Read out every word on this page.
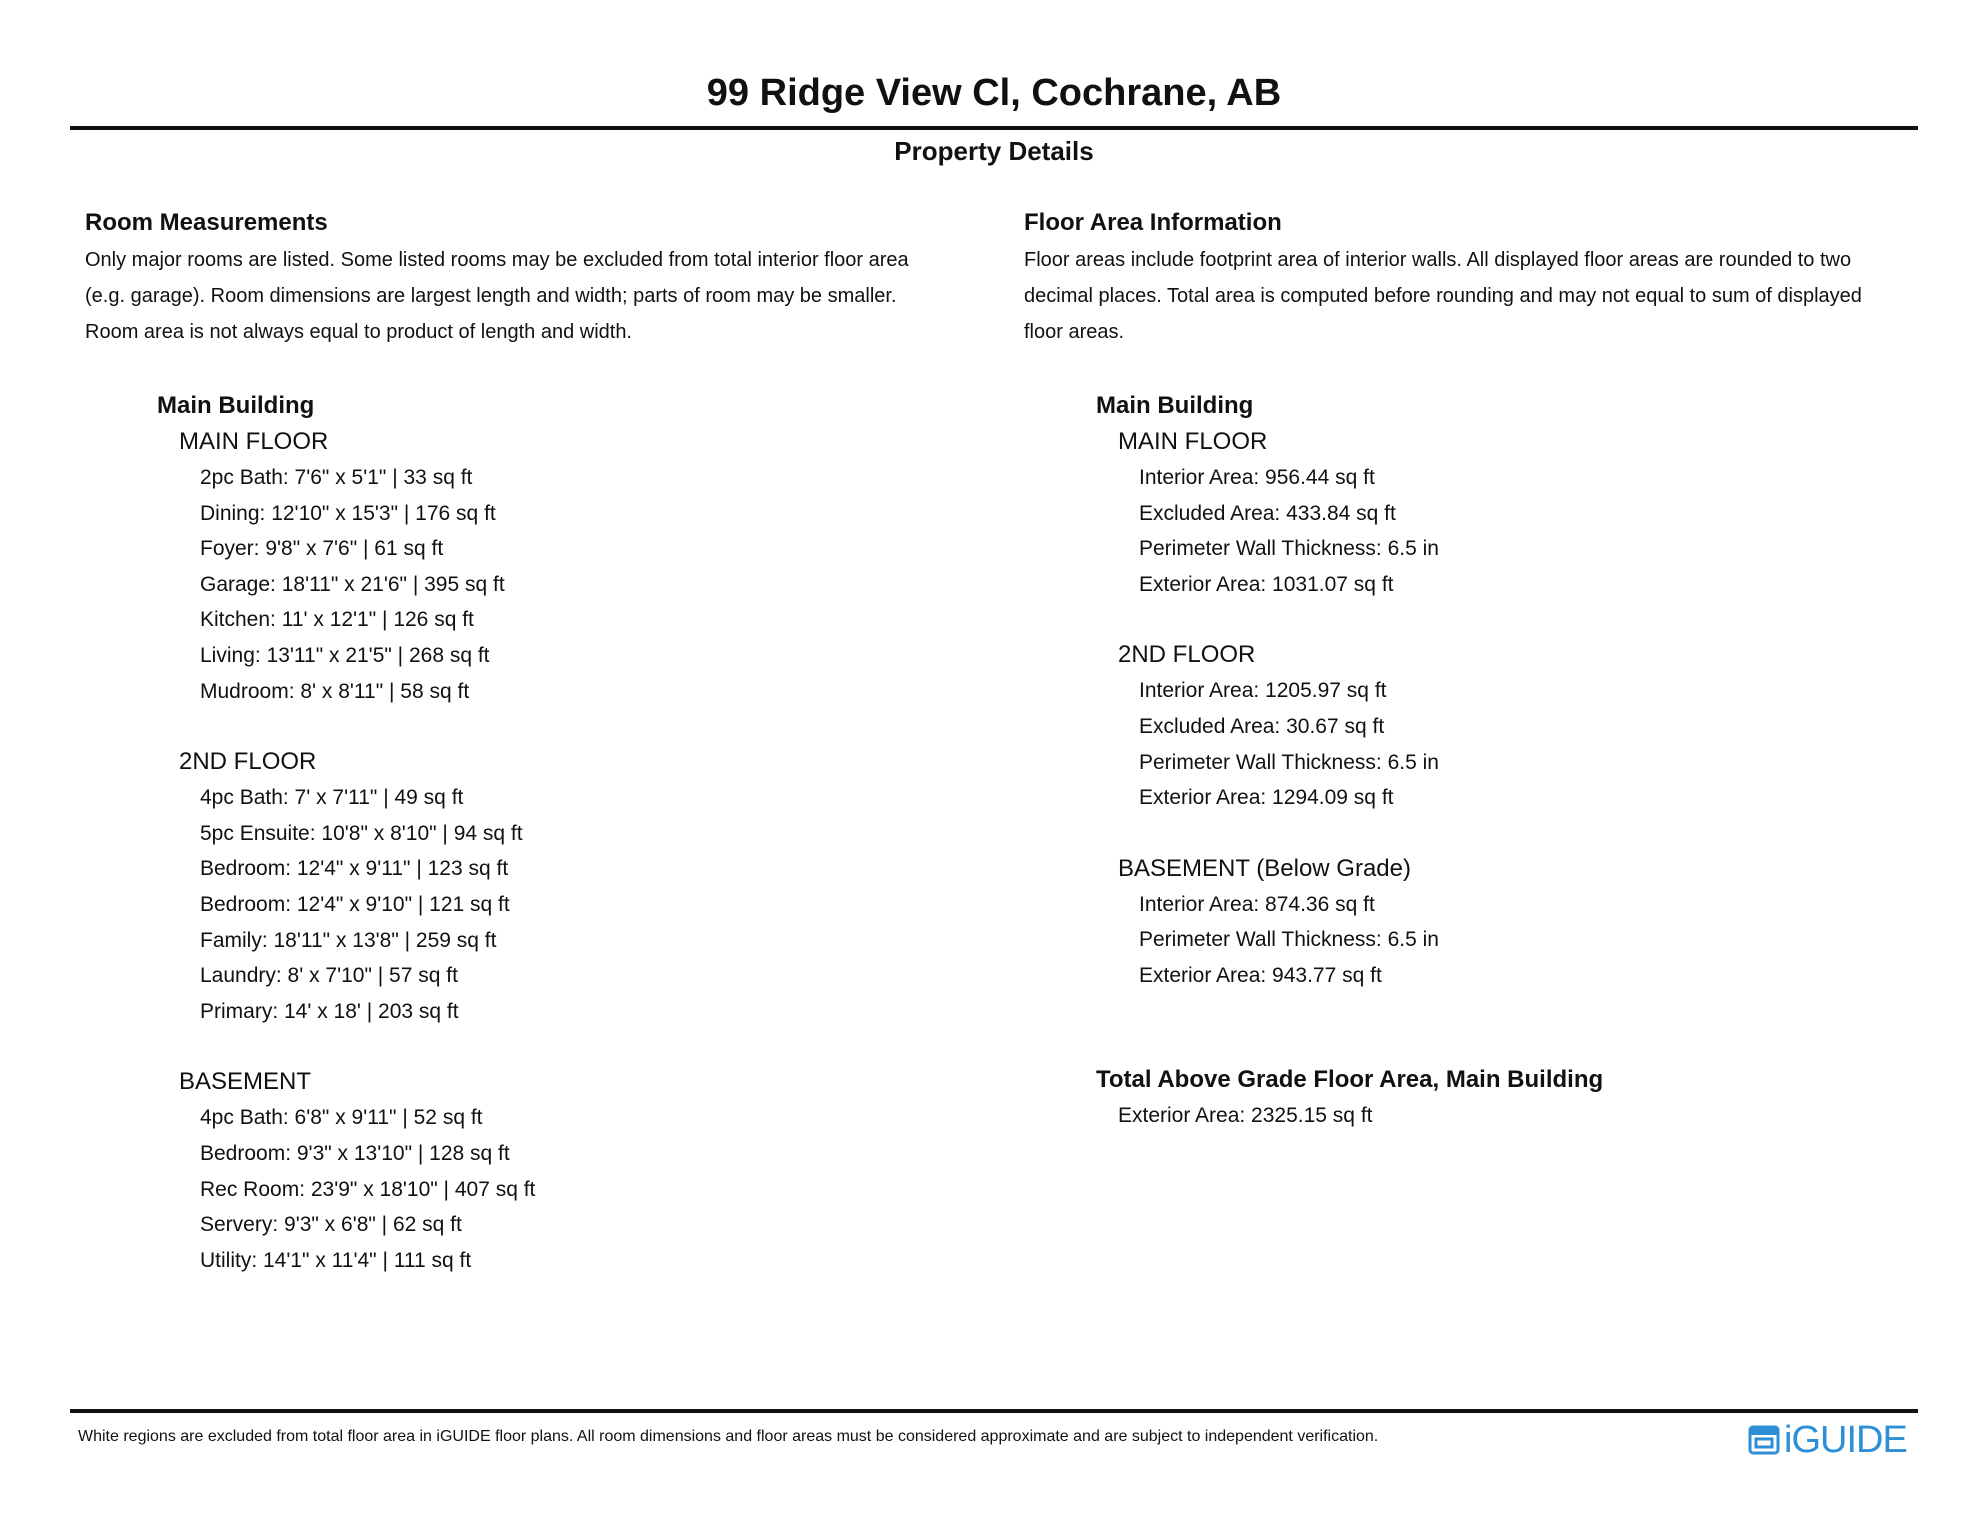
99 Ridge View Cl, Cochrane, AB
Property Details
Room Measurements
Only major rooms are listed. Some listed rooms may be excluded from total interior floor area
(e.g. garage). Room dimensions are largest length and width; parts of room may be smaller.
Room area is not always equal to product of length and width.
Main Building
MAIN FLOOR
2pc Bath: 7'6" x 5'1" | 33 sq ft
Dining: 12'10" x 15'3" | 176 sq ft
Foyer: 9'8" x 7'6" | 61 sq ft
Garage: 18'11" x 21'6" | 395 sq ft
Kitchen: 11' x 12'1" | 126 sq ft
Living: 13'11" x 21'5" | 268 sq ft
Mudroom: 8' x 8'11" | 58 sq ft
2ND FLOOR
4pc Bath: 7' x 7'11" | 49 sq ft
5pc Ensuite: 10'8" x 8'10" | 94 sq ft
Bedroom: 12'4" x 9'11" | 123 sq ft
Bedroom: 12'4" x 9'10" | 121 sq ft
Family: 18'11" x 13'8" | 259 sq ft
Laundry: 8' x 7'10" | 57 sq ft
Primary: 14' x 18' | 203 sq ft
BASEMENT
4pc Bath: 6'8" x 9'11" | 52 sq ft
Bedroom: 9'3" x 13'10" | 128 sq ft
Rec Room: 23'9" x 18'10" | 407 sq ft
Servery: 9'3" x 6'8" | 62 sq ft
Utility: 14'1" x 11'4" | 111 sq ft
Floor Area Information
Floor areas include footprint area of interior walls. All displayed floor areas are rounded to two
decimal places. Total area is computed before rounding and may not equal to sum of displayed
floor areas.
Main Building
MAIN FLOOR
Interior Area: 956.44 sq ft
Excluded Area: 433.84 sq ft
Perimeter Wall Thickness: 6.5 in
Exterior Area: 1031.07 sq ft
2ND FLOOR
Interior Area: 1205.97 sq ft
Excluded Area: 30.67 sq ft
Perimeter Wall Thickness: 6.5 in
Exterior Area: 1294.09 sq ft
BASEMENT (Below Grade)
Interior Area: 874.36 sq ft
Perimeter Wall Thickness: 6.5 in
Exterior Area: 943.77 sq ft
Total Above Grade Floor Area, Main Building
Exterior Area: 2325.15 sq ft
White regions are excluded from total floor area in iGUIDE floor plans. All room dimensions and floor areas must be considered approximate and are subject to independent verification.	iGUIDE
